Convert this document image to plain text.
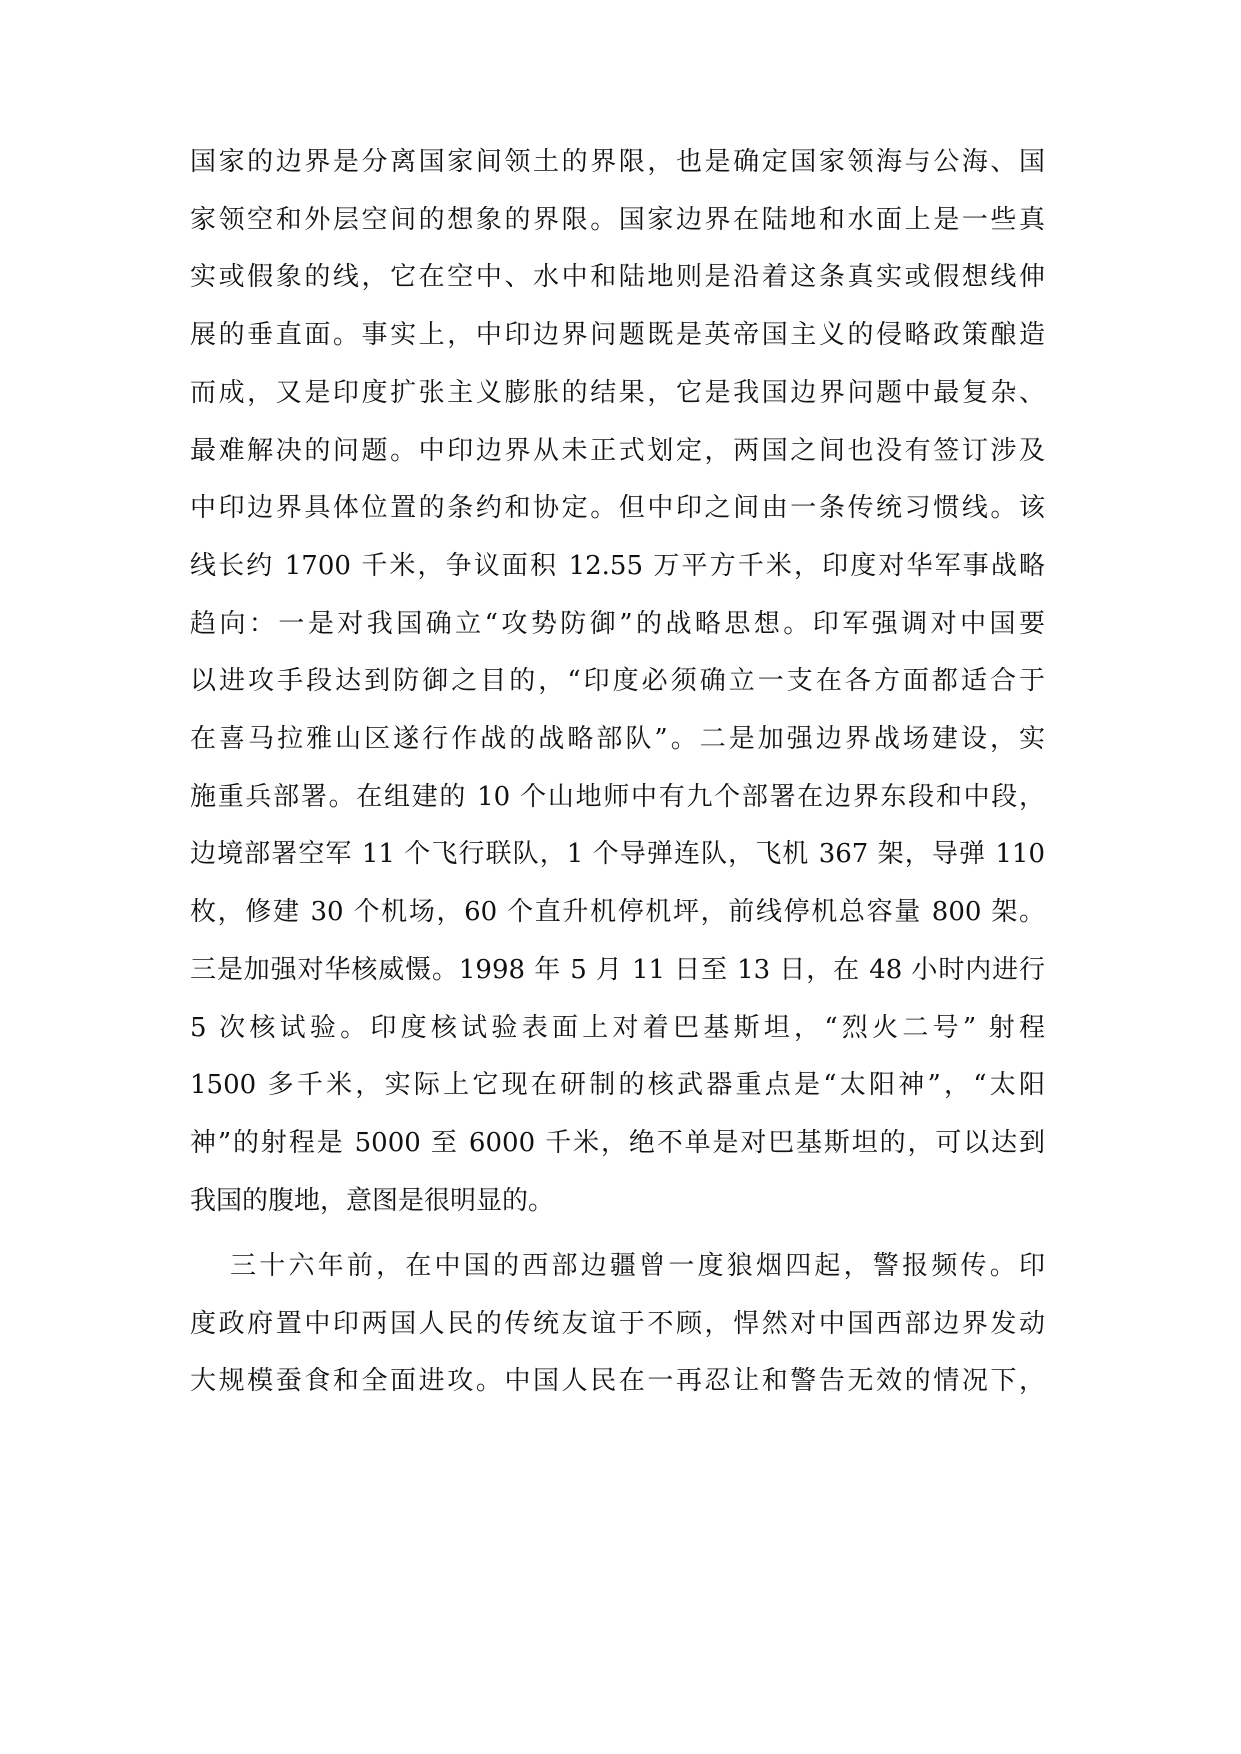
国家的边界是分离国家间领土的界限，也是确定国家领海与公海、国
家领空和外层空间的想象的界限。国家边界在陆地和水面上是一些真
实或假象的线，它在空中、水中和陆地则是沿着这条真实或假想线伸
展的垂直面。事实上，中印边界问题既是英帝国主义的侵略政策酿造
而成，又是印度扩张主义膨胀的结果，它是我国边界问题中最复杂、
最难解决的问题。中印边界从未正式划定，两国之间也没有签订涉及
中印边界具体位置的条约和协定。但中印之间由一条传统习惯线。该
线长约 1700 千米，争议面积 12.55 万平方千米，印度对华军事战略
趋向：一是对我国确立“攻势防御”的战略思想。印军强调对中国要
以进攻手段达到防御之目的，“印度必须确立一支在各方面都适合于
在喜马拉雅山区遂行作战的战略部队”。二是加强边界战场建设，实
施重兵部署。在组建的 10 个山地师中有九个部署在边界东段和中段，
边境部署空军 11 个飞行联队，1 个导弹连队，飞机 367 架，导弹 110
枚，修建 30 个机场，60 个直升机停机坪，前线停机总容量 800 架。
三是加强对华核威慑。1998 年 5 月 11 日至 13 日，在 48 小时内进行
5 次核试验。印度核试验表面上对着巴基斯坦，“烈火二号” 射程
1500 多千米，实际上它现在研制的核武器重点是“太阳神”，“太阳
神”的射程是 5000 至 6000 千米，绝不单是对巴基斯坦的，可以达到
我国的腹地，意图是很明显的。
三十六年前，在中国的西部边疆曾一度狼烟四起，警报频传。印
度政府置中印两国人民的传统友谊于不顾，悍然对中国西部边界发动
大规模蚕食和全面进攻。中国人民在一再忍让和警告无效的情况下，
